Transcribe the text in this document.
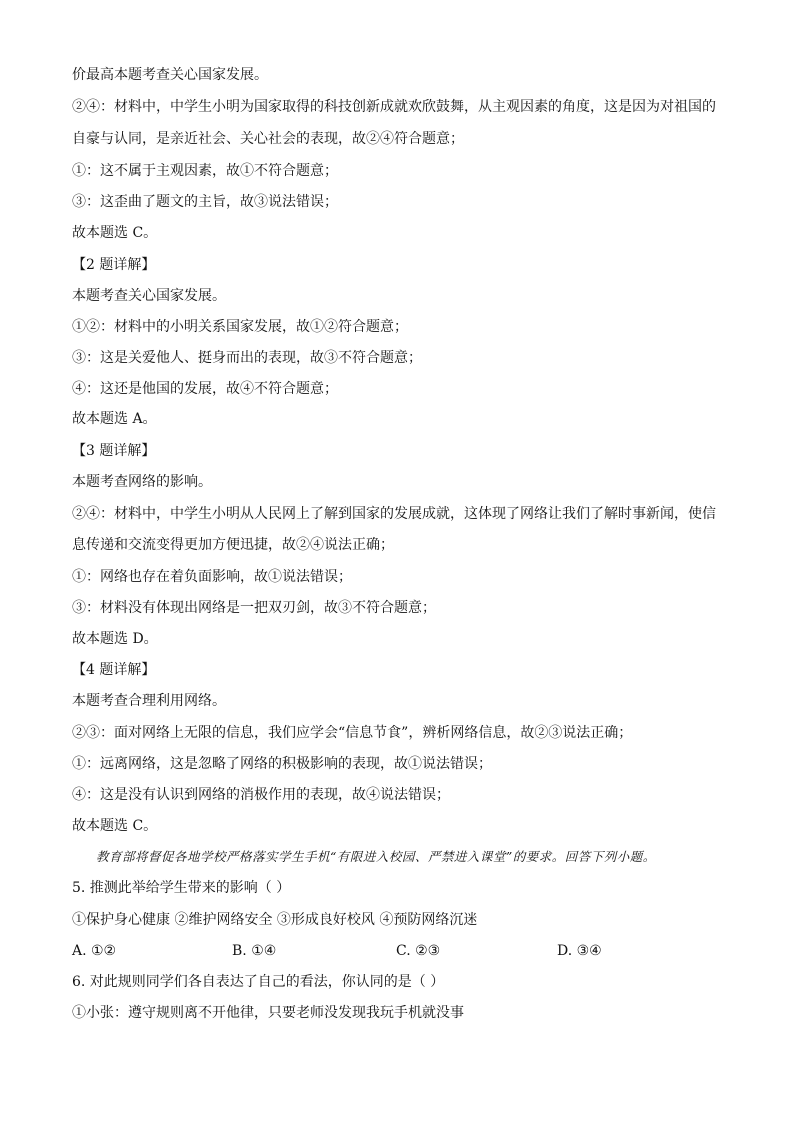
价最高本题考查关心国家发展。
②④：材料中，中学生小明为国家取得的科技创新成就欢欣鼓舞，从主观因素的角度，这是因为对祖国的
自豪与认同，是亲近社会、关心社会的表现，故②④符合题意；
①：这不属于主观因素，故①不符合题意；
③：这歪曲了题文的主旨，故③说法错误；
故本题选 C。
【2 题详解】
本题考查关心国家发展。
①②：材料中的小明关系国家发展，故①②符合题意；
③：这是关爱他人、挺身而出的表现，故③不符合题意；
④：这还是他国的发展，故④不符合题意；
故本题选 A。
【3 题详解】
本题考查网络的影响。
②④：材料中，中学生小明从人民网上了解到国家的发展成就，这体现了网络让我们了解时事新闻，使信
息传递和交流变得更加方便迅捷，故②④说法正确；
①：网络也存在着负面影响，故①说法错误；
③：材料没有体现出网络是一把双刃剑，故③不符合题意；
故本题选 D。
【4 题详解】
本题考查合理利用网络。
②③：面对网络上无限的信息，我们应学会“信息节食”，辨析网络信息，故②③说法正确；
①：远离网络，这是忽略了网络的积极影响的表现，故①说法错误；
④：这是没有认识到网络的消极作用的表现，故④说法错误；
故本题选 C。
教育部将督促各地学校严格落实学生手机“有限进入校园、严禁进入课堂”的要求。回答下列小题。
5. 推测此举给学生带来的影响（ ）
①保护身心健康 ②维护网络安全 ③形成良好校风 ④预防网络沉迷
A. ①②	B. ①④	C. ②③	D. ③④
6. 对此规则同学们各自表达了自己的看法，你认同的是（ ）
①小张：遵守规则离不开他律，只要老师没发现我玩手机就没事
